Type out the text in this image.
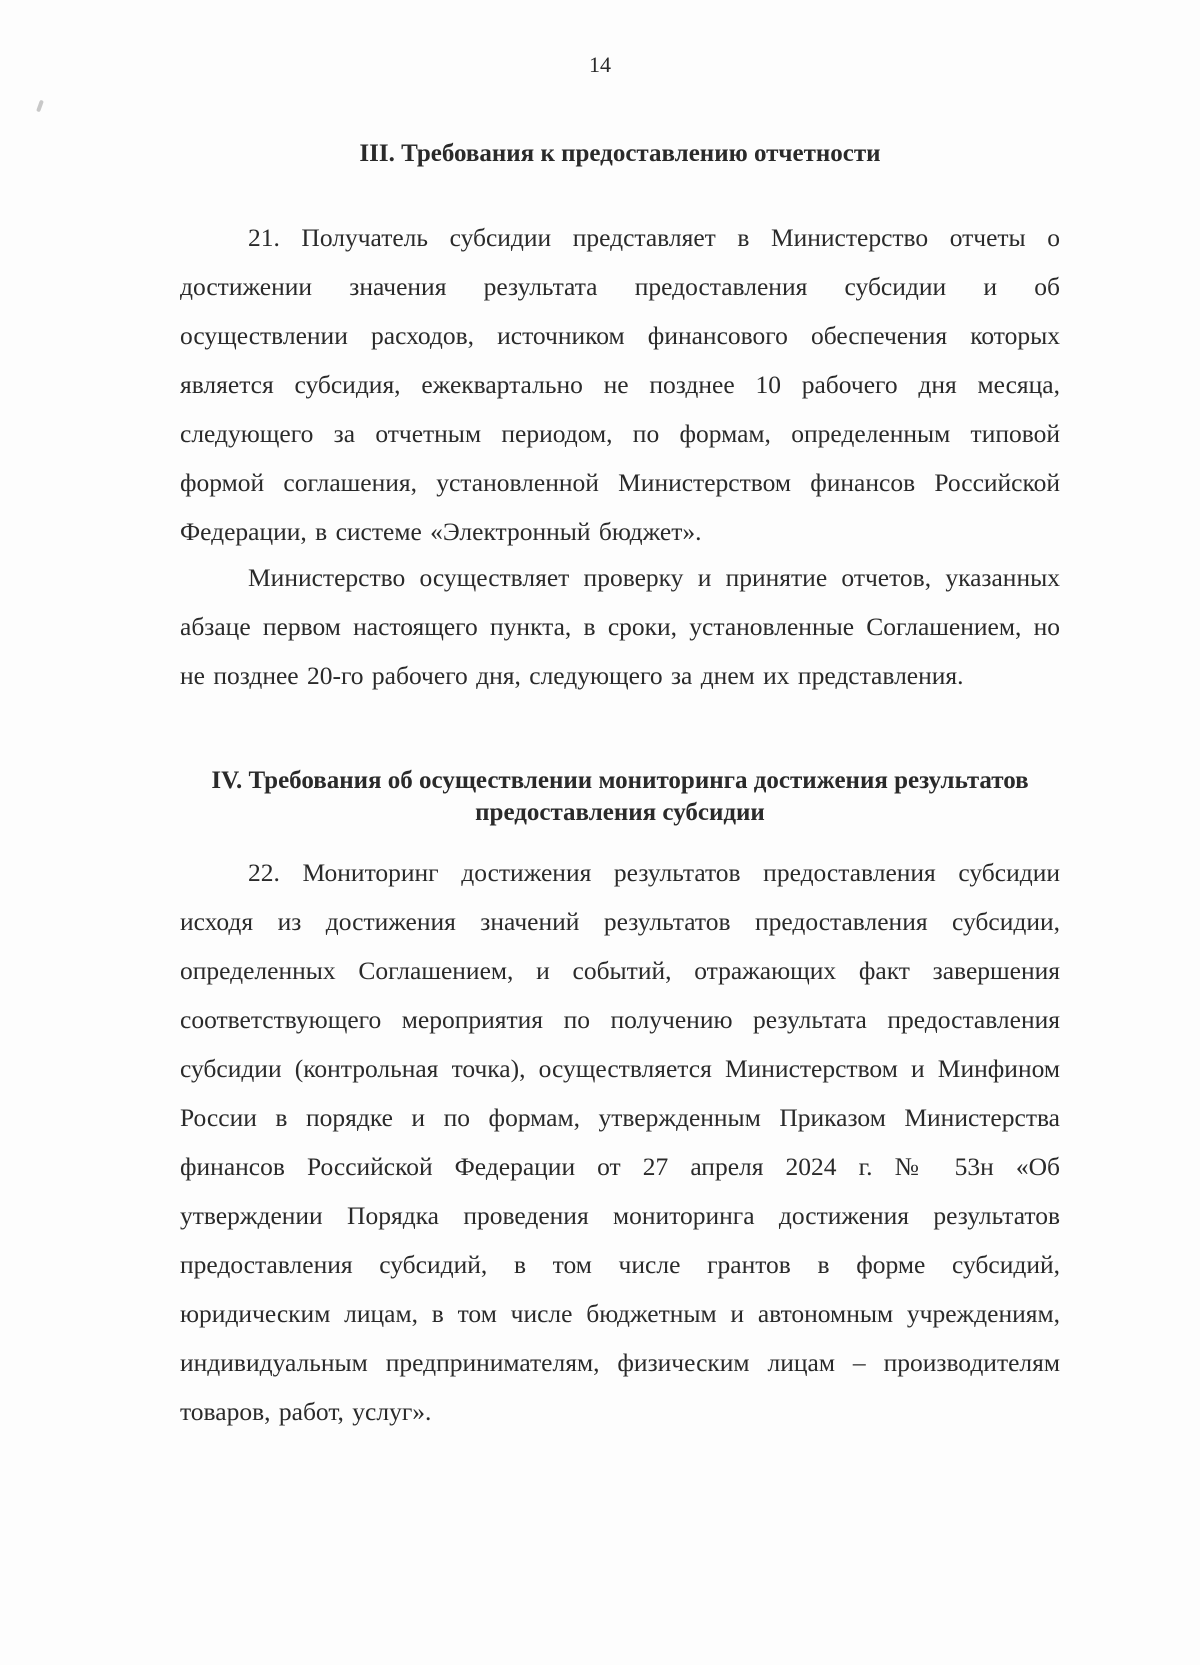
14
III. Требования к предоставлению отчетности

21. Получатель субсидии представляет в Министерство отчеты о достижении значения результата предоставления субсидии и об осуществлении расходов, источником финансового обеспечения которых является субсидия, ежеквартально не позднее 10 рабочего дня месяца, следующего за отчетным периодом, по формам, определенным типовой формой соглашения, установленной Министерством финансов Российской Федерации, в системе «Электронный бюджет».

Министерство осуществляет проверку и принятие отчетов, указанных абзаце первом настоящего пункта, в сроки, установленные Соглашением, но не позднее 20-го рабочего дня, следующего за днем их представления.

IV. Требования об осуществлении мониторинга достижения результатов предоставления субсидии

22. Мониторинг достижения результатов предоставления субсидии исходя из достижения значений результатов предоставления субсидии, определенных Соглашением, и событий, отражающих факт завершения соответствующего мероприятия по получению результата предоставления субсидии (контрольная точка), осуществляется Министерством и Минфином России в порядке и по формам, утвержденным Приказом Министерства финансов Российской Федерации от 27 апреля 2024 г. № 53н «Об утверждении Порядка проведения мониторинга достижения результатов предоставления субсидий, в том числе грантов в форме субсидий, юридическим лицам, в том числе бюджетным и автономным учреждениям, индивидуальным предпринимателям, физическим лицам – производителям товаров, работ, услуг».
